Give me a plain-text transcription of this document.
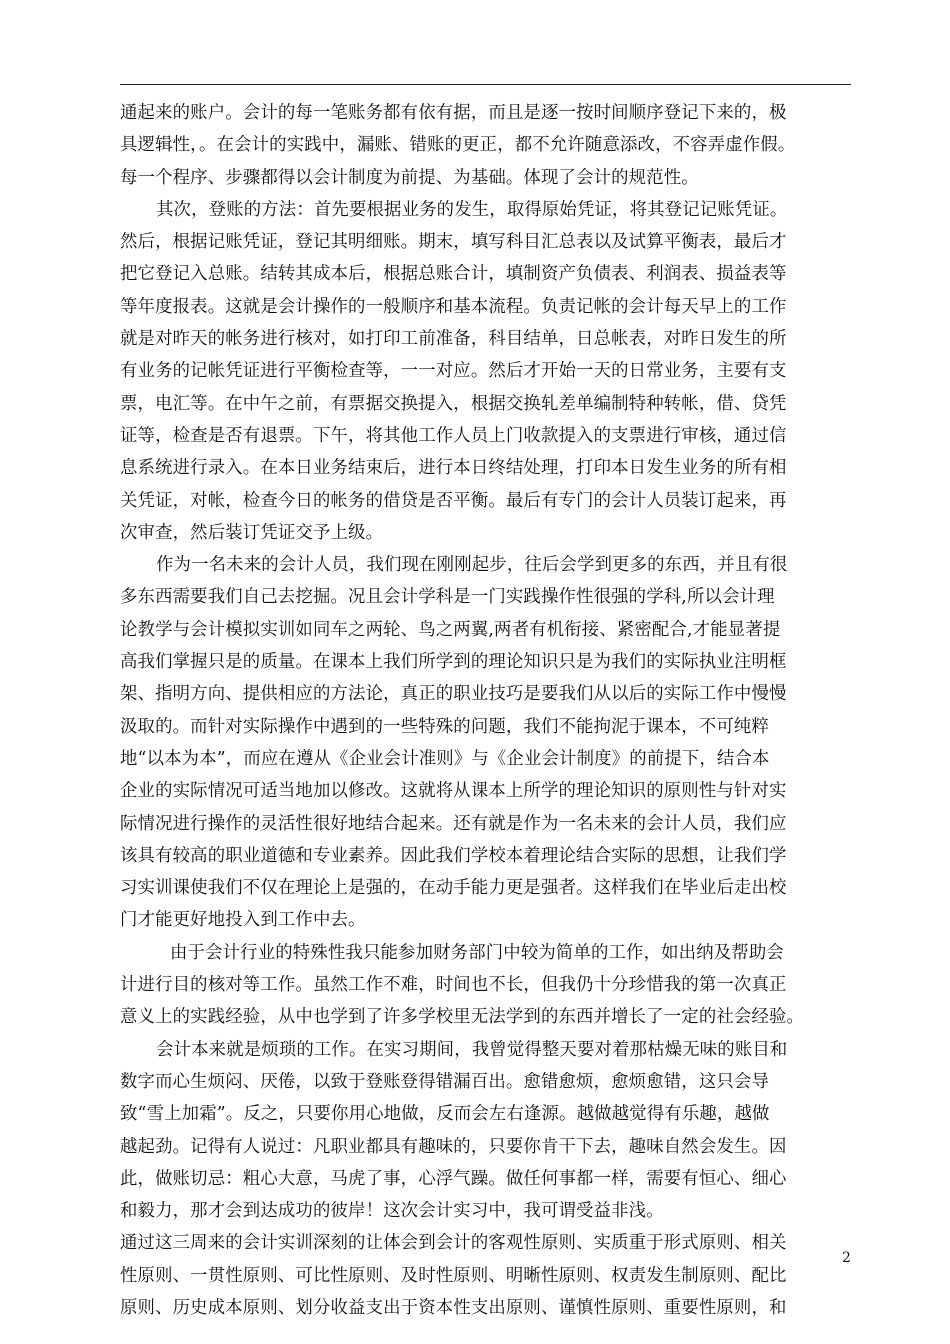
通起来的账户。会计的每一笔账务都有依有据，而且是逐一按时间顺序登记下来的，极
具逻辑性，。在会计的实践中，漏账、错账的更正，都不允许随意添改，不容弄虚作假。
每一个程序、步骤都得以会计制度为前提、为基础。体现了会计的规范性。
其次，登账的方法：首先要根据业务的发生，取得原始凭证，将其登记记账凭证。
然后，根据记账凭证，登记其明细账。期末，填写科目汇总表以及试算平衡表，最后才
把它登记入总账。结转其成本后，根据总账合计，填制资产负债表、利润表、损益表等
等年度报表。这就是会计操作的一般顺序和基本流程。负责记帐的会计每天早上的工作
就是对昨天的帐务进行核对，如打印工前准备，科目结单，日总帐表，对昨日发生的所
有业务的记帐凭证进行平衡检查等，一一对应。然后才开始一天的日常业务，主要有支
票，电汇等。在中午之前，有票据交换提入，根据交换轧差单编制特种转帐，借、贷凭
证等，检查是否有退票。下午，将其他工作人员上门收款提入的支票进行审核，通过信
息系统进行录入。在本日业务结束后，进行本日终结处理，打印本日发生业务的所有相
关凭证，对帐，检查今日的帐务的借贷是否平衡。最后有专门的会计人员装订起来，再
次审查，然后装订凭证交予上级。
作为一名未来的会计人员，我们现在刚刚起步，往后会学到更多的东西，并且有很
多东西需要我们自己去挖掘。况且会计学科是一门实践操作性很强的学科,所以会计理
论教学与会计模拟实训如同车之两轮、鸟之两翼,两者有机衔接、紧密配合,才能显著提
高我们掌握只是的质量。在课本上我们所学到的理论知识只是为我们的实际执业注明框
架、指明方向、提供相应的方法论，真正的职业技巧是要我们从以后的实际工作中慢慢
汲取的。而针对实际操作中遇到的一些特殊的问题，我们不能拘泥于课本，不可纯粹
地“以本为本”，而应在遵从《企业会计准则》与《企业会计制度》的前提下，结合本
企业的实际情况可适当地加以修改。这就将从课本上所学的理论知识的原则性与针对实
际情况进行操作的灵活性很好地结合起来。还有就是作为一名未来的会计人员，我们应
该具有较高的职业道德和专业素养。因此我们学校本着理论结合实际的思想，让我们学
习实训课使我们不仅在理论上是强的，在动手能力更是强者。这样我们在毕业后走出校
门才能更好地投入到工作中去。
由于会计行业的特殊性我只能参加财务部门中较为简单的工作，如出纳及帮助会
计进行目的核对等工作。虽然工作不难，时间也不长，但我仍十分珍惜我的第一次真正
意义上的实践经验，从中也学到了许多学校里无法学到的东西并增长了一定的社会经验。
会计本来就是烦琐的工作。在实习期间，我曾觉得整天要对着那枯燥无味的账目和
数字而心生烦闷、厌倦，以致于登账登得错漏百出。愈错愈烦，愈烦愈错，这只会导
致“雪上加霜”。反之，只要你用心地做，反而会左右逢源。越做越觉得有乐趣，越做
越起劲。记得有人说过：凡职业都具有趣味的，只要你肯干下去，趣味自然会发生。因
此，做账切忌：粗心大意，马虎了事，心浮气躁。做任何事都一样，需要有恒心、细心
和毅力，那才会到达成功的彼岸！这次会计实习中，我可谓受益非浅。
通过这三周来的会计实训深刻的让体会到会计的客观性原则、实质重于形式原则、相关
性原则、一贯性原则、可比性原则、及时性原则、明晰性原则、权责发生制原则、配比
原则、历史成本原则、划分收益支出于资本性支出原则、谨慎性原则、重要性原则，和
2
